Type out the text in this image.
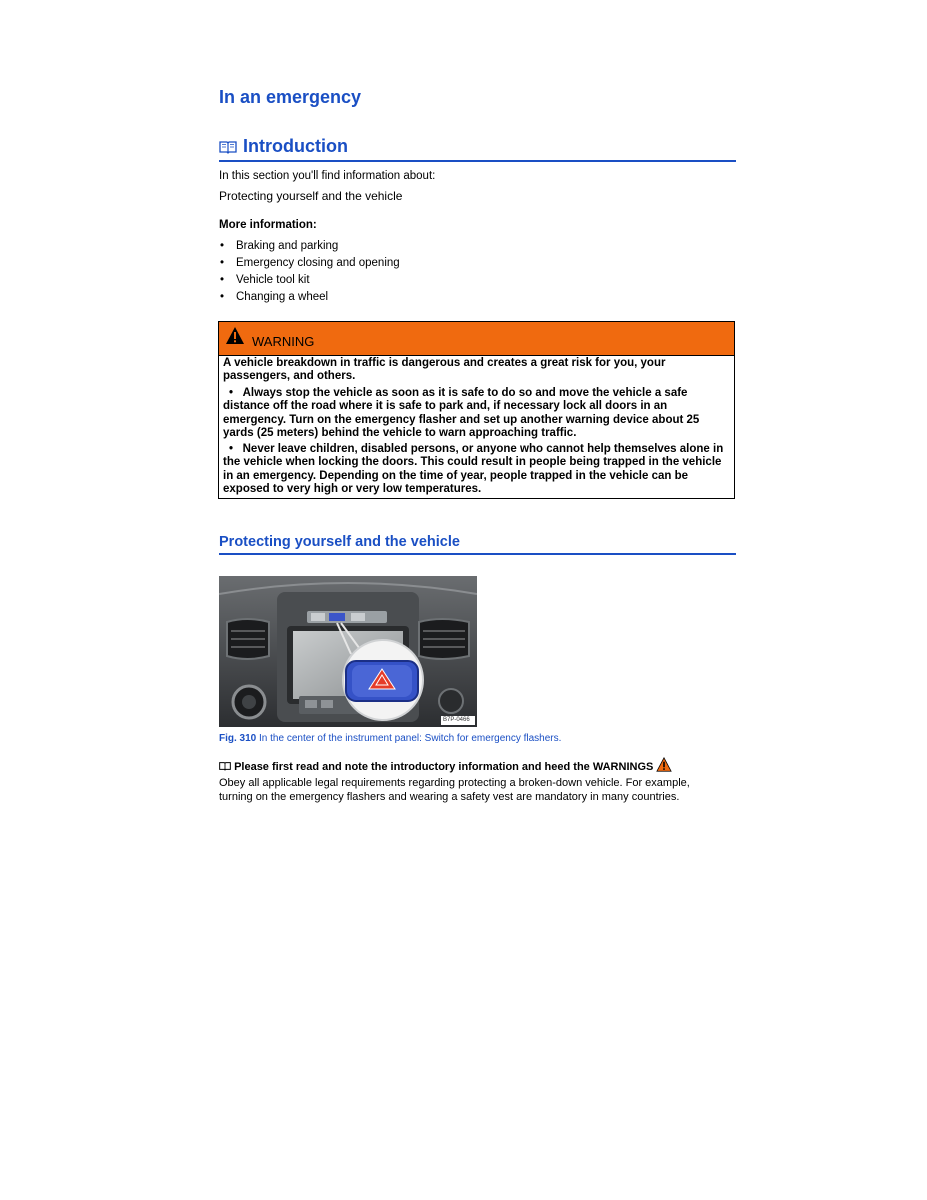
In an emergency
Introduction
In this section you'll find information about:
Protecting yourself and the vehicle
More information:
• Braking and parking
• Emergency closing and opening
• Vehicle tool kit
• Changing a wheel
WARNING
A vehicle breakdown in traffic is dangerous and creates a great risk for you, your passengers, and others.
•   Always stop the vehicle as soon as it is safe to do so and move the vehicle a safe distance off the road where it is safe to park and, if necessary lock all doors in an emergency. Turn on the emergency flasher and set up another warning device about 25 yards (25 meters) behind the vehicle to warn approaching traffic.
•   Never leave children, disabled persons, or anyone who cannot help themselves alone in the vehicle when locking the doors. This could result in people being trapped in the vehicle in an emergency. Depending on the time of year, people trapped in the vehicle can be exposed to very high or very low temperatures.
Protecting yourself and the vehicle
B7P-0466
Fig. 310 In the center of the instrument panel: Switch for emergency flashers.
Please first read and note the introductory information and heed the WARNINGS
Obey all applicable legal requirements regarding protecting a broken-down vehicle. For example, turning on the emergency flashers and wearing a safety vest are mandatory in many countries.
